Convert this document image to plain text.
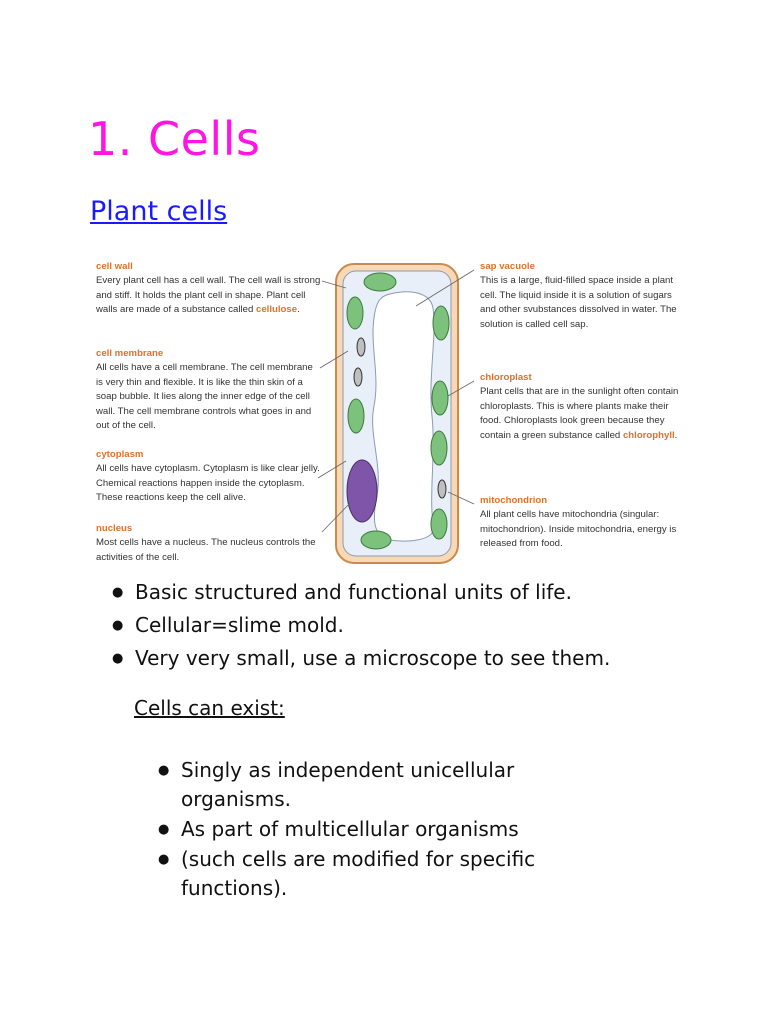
1. Cells
Plant cells
cell wall
Every plant cell has a cell wall. The cell wall is strong and stiff. It holds the plant cell in shape. Plant cell walls are made of a substance called cellulose.
cell membrane
All cells have a cell membrane. The cell membrane is very thin and flexible. It is like the thin skin of a soap bubble. It lies along the inner edge of the cell wall. The cell membrane controls what goes in and out of the cell.
cytoplasm
All cells have cytoplasm. Cytoplasm is like clear jelly. Chemical reactions happen inside the cytoplasm. These reactions keep the cell alive.
nucleus
Most cells have a nucleus. The nucleus controls the activities of the cell.
sap vacuole
This is a large, fluid-filled space inside a plant cell. The liquid inside it is a solution of sugars and other svubstances dissolved in water. The solution is called cell sap.
chloroplast
Plant cells that are in the sunlight often contain chloroplasts. This is where plants make their food. Chloroplasts look green because they contain a green substance called chlorophyll.
mitochondrion
All plant cells have mitochondria (singular: mitochondrion). Inside mitochondria, energy is released from food.
● Basic structured and functional units of life.
● Cellular=slime mold.
● Very very small, use a microscope to see them.
Cells can exist:
● Singly as independent unicellular organisms.
● As part of multicellular organisms
● (such cells are modified for specific functions).
